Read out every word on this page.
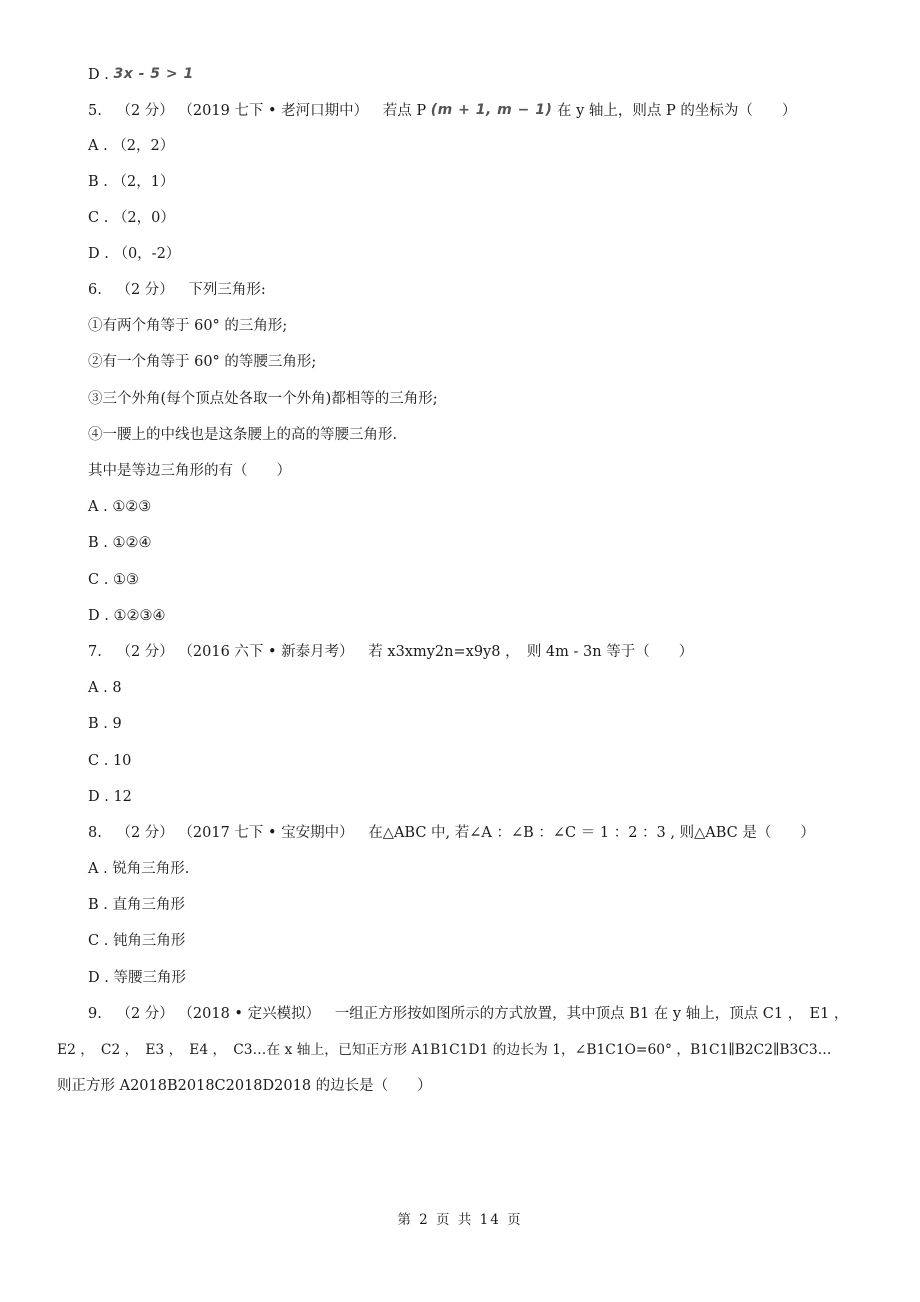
D . 3x - 5 > 1
5. （2 分） （2019 七下 • 老河口期中） 若点 P (m + 1, m − 1) 在 y 轴上，则点 P 的坐标为（　　）
A . （2，2）
B . （2，1）
C . （2，0）
D . （0，-2）
6. （2 分） 下列三角形:
①有两个角等于 60° 的三角形;
②有一个角等于 60° 的等腰三角形;
③三个外角(每个顶点处各取一个外角)都相等的三角形;
④一腰上的中线也是这条腰上的高的等腰三角形.
其中是等边三角形的有（　　）
A . ①②③
B . ①②④
C . ①③
D . ①②③④
7. （2 分） （2016 六下 • 新泰月考） 若 x3xmy2n=x9y8 ，　则 4m - 3n 等于（　　）
A . 8
B . 9
C . 10
D . 12
8. （2 分） （2017 七下 • 宝安期中） 在△ABC 中, 若∠A ：∠B ：∠C ＝ 1 ：2 ：3 , 则△ABC 是（　　）
A . 锐角三角形.
B . 直角三角形
C . 钝角三角形
D . 等腰三角形
9. （2 分） （2018 • 定兴模拟） 一组正方形按如图所示的方式放置，其中顶点 B1 在 y 轴上，顶点 C1 ，　E1 ，
E2 ，　C2 ，　E3 ，　E4 ，　C3…在 x 轴上，已知正方形 A1B1C1D1 的边长为 1，∠B1C1O=60° ，B1C1∥B2C2∥B3C3…
则正方形 A2018B2018C2018D2018 的边长是（　　）
第 2 页 共 14 页
